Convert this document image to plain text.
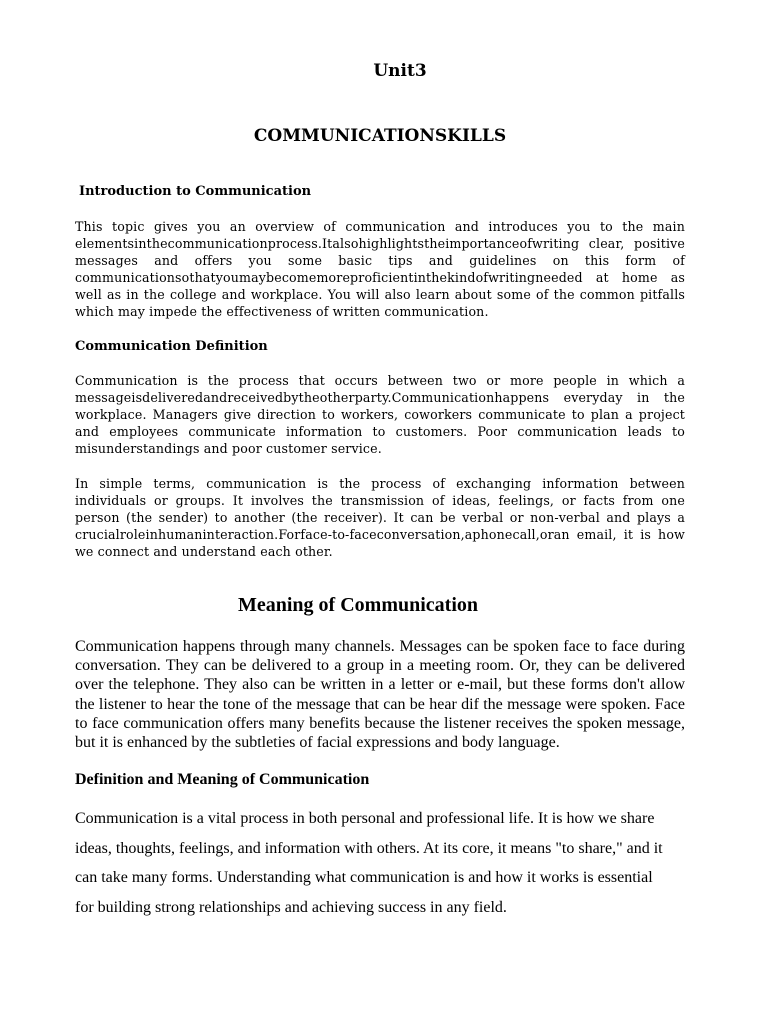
Unit3
COMMUNICATIONSKILLS
Introduction to Communication

This topic gives you an overview of communication and introduces you to the main elementsinthecommunicationprocess.Italsohighlightstheimportanceofwriting clear, positive messages and offers you some basic tips and guidelines on this form of communicationsothatyoumaybecomemoreproficientinthekindofwritingneeded at home as well as in the college and workplace. You will also learn about some of the common pitfalls which may impede the effectiveness of written communication.

Communication Definition

Communication is the process that occurs between two or more people in which a messageisdeliveredandreceivedbytheotherparty.Communicationhappens everyday in the workplace. Managers give direction to workers, coworkers communicate to plan a project and employees communicate information to customers. Poor communication leads to misunderstandings and poor customer service.

In simple terms, communication is the process of exchanging information between individuals or groups. It involves the transmission of ideas, feelings, or facts from one person (the sender) to another (the receiver). It can be verbal or non-verbal and plays a crucialroleinhumaninteraction.Forface-to-faceconversation,aphonecall,oran email, it is how we connect and understand each other.

Meaning of Communication

Communication happens through many channels. Messages can be spoken face to face during conversation. They can be delivered to a group in a meeting room. Or, they can be delivered over the telephone. They also can be written in a letter or e-mail, but these forms don't allow the listener to hear the tone of the message that can be hear dif the message were spoken. Face to face communication offers many benefits because the listener receives the spoken message, but it is enhanced by the subtleties of facial expressions and body language.

Definition and Meaning of Communication

Communication is a vital process in both personal and professional life. It is how we share ideas, thoughts, feelings, and information with others. At its core, it means "to share," and it can take many forms. Understanding what communication is and how it works is essential for building strong relationships and achieving success in any field.
